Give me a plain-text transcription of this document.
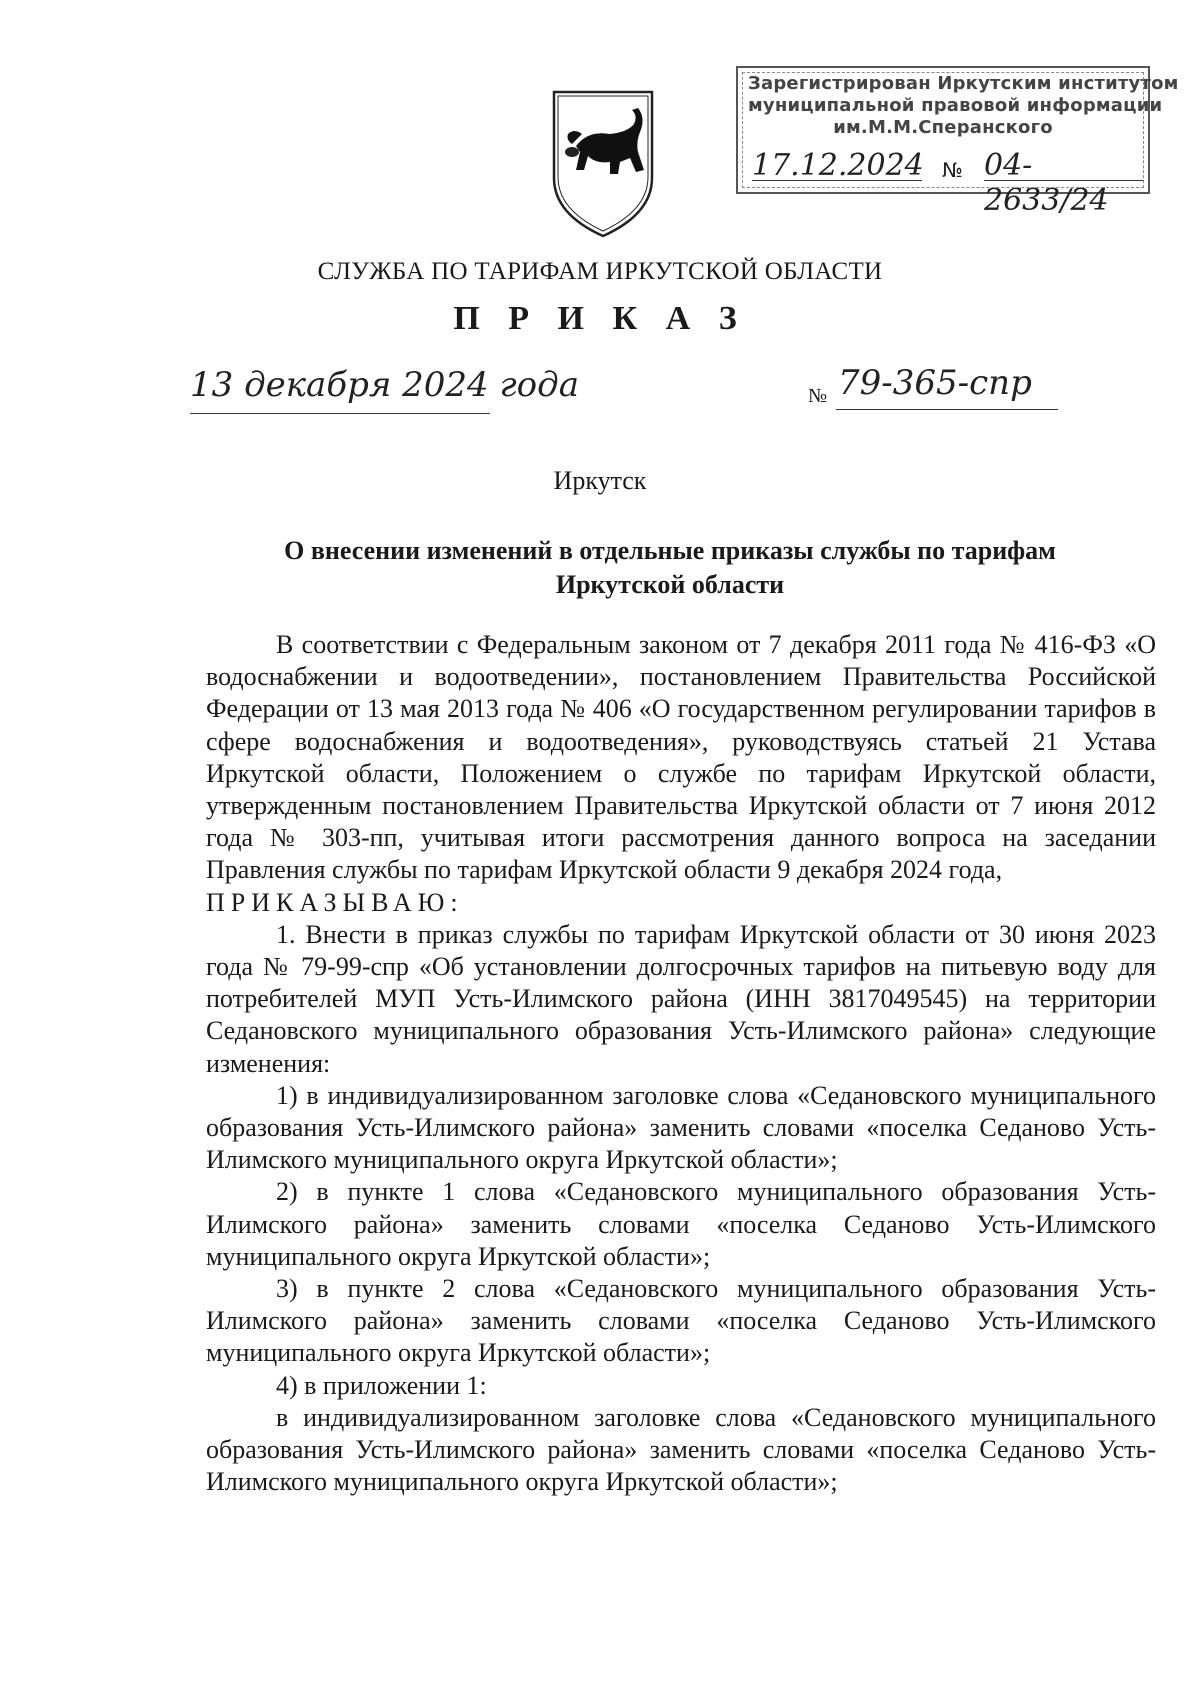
Зарегистрирован Иркутским институтом
муниципальной правовой информации
им.М.М.Сперанского
17.12.2024 № 04-2633/24
СЛУЖБА ПО ТАРИФАМ ИРКУТСКОЙ ОБЛАСТИ
П Р И К А З
13 декабря 2024 года	№ 79-365-спр
Иркутск
О внесении изменений в отдельные приказы службы по тарифам
Иркутской области

В соответствии с Федеральным законом от 7 декабря 2011 года № 416-ФЗ «О водоснабжении и водоотведении», постановлением Правительства Российской Федерации от 13 мая 2013 года № 406 «О государственном регулировании тарифов в сфере водоснабжения и водоотведения», руководствуясь статьей 21 Устава Иркутской области, Положением о службе по тарифам Иркутской области, утвержденным постановлением Правительства Иркутской области от 7 июня 2012 года № 303-пп, учитывая итоги рассмотрения данного вопроса на заседании Правления службы по тарифам Иркутской области 9 декабря 2024 года,

ПРИКАЗЫВАЮ:

1. Внести в приказ службы по тарифам Иркутской области от 30 июня 2023 года № 79-99-спр «Об установлении долгосрочных тарифов на питьевую воду для потребителей МУП Усть-Илимского района (ИНН 3817049545) на территории Седановского муниципального образования Усть-Илимского района» следующие изменения:

1) в индивидуализированном заголовке слова «Седановского муниципального образования Усть-Илимского района» заменить словами «поселка Седаново Усть-Илимского муниципального округа Иркутской области»;

2) в пункте 1 слова «Седановского муниципального образования Усть-Илимского района» заменить словами «поселка Седаново Усть-Илимского муниципального округа Иркутской области»;

3) в пункте 2 слова «Седановского муниципального образования Усть-Илимского района» заменить словами «поселка Седаново Усть-Илимского муниципального округа Иркутской области»;

4) в приложении 1:

в индивидуализированном заголовке слова «Седановского муниципального образования Усть-Илимского района» заменить словами «поселка Седаново Усть-Илимского муниципального округа Иркутской области»;
